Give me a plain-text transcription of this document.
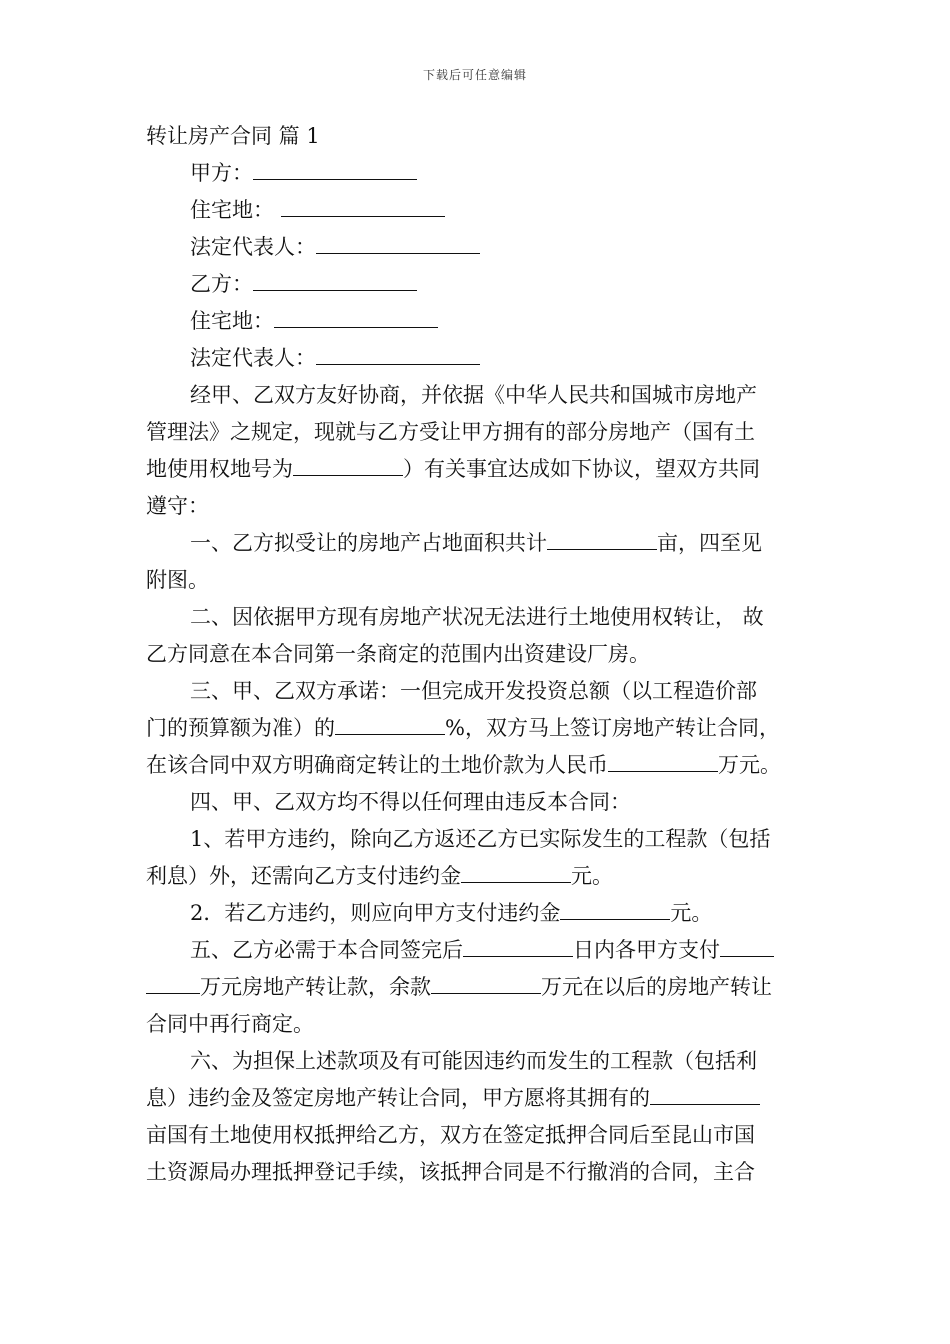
下载后可任意编辑
转让房产合同 篇 1
甲方：
住宅地：
法定代表人：
乙方：
住宅地：
法定代表人：
经甲、乙双方友好协商，并依据《中华人民共和国城市房地产
管理法》之规定，现就与乙方受让甲方拥有的部分房地产（国有土
地使用权地号为	）有关事宜达成如下协议，望双方共同
遵守：
一、乙方拟受让的房地产占地面积共计	亩，四至见
附图。
二、因依据甲方现有房地产状况无法进行土地使用权转让， 故
乙方同意在本合同第一条商定的范围内出资建设厂房。
三、甲、乙双方承诺：一但完成开发投资总额（以工程造价部
门的预算额为准）的	%，双方马上签订房地产转让合同，
在该合同中双方明确商定转让的土地价款为人民币	万元。
四、甲、乙双方均不得以任何理由违反本合同：
1、若甲方违约，除向乙方返还乙方已实际发生的工程款（包括
利息）外，还需向乙方支付违约金	元。
2．若乙方违约，则应向甲方支付违约金	元。
五、乙方必需于本合同签完后	日内各甲方支付
万元房地产转让款，余款	万元在以后的房地产转让
合同中再行商定。
六、为担保上述款项及有可能因违约而发生的工程款（包括利
息）违约金及签定房地产转让合同，甲方愿将其拥有的
亩国有土地使用权抵押给乙方，双方在签定抵押合同后至昆山市国
土资源局办理抵押登记手续，该抵押合同是不行撤消的合同，主合
